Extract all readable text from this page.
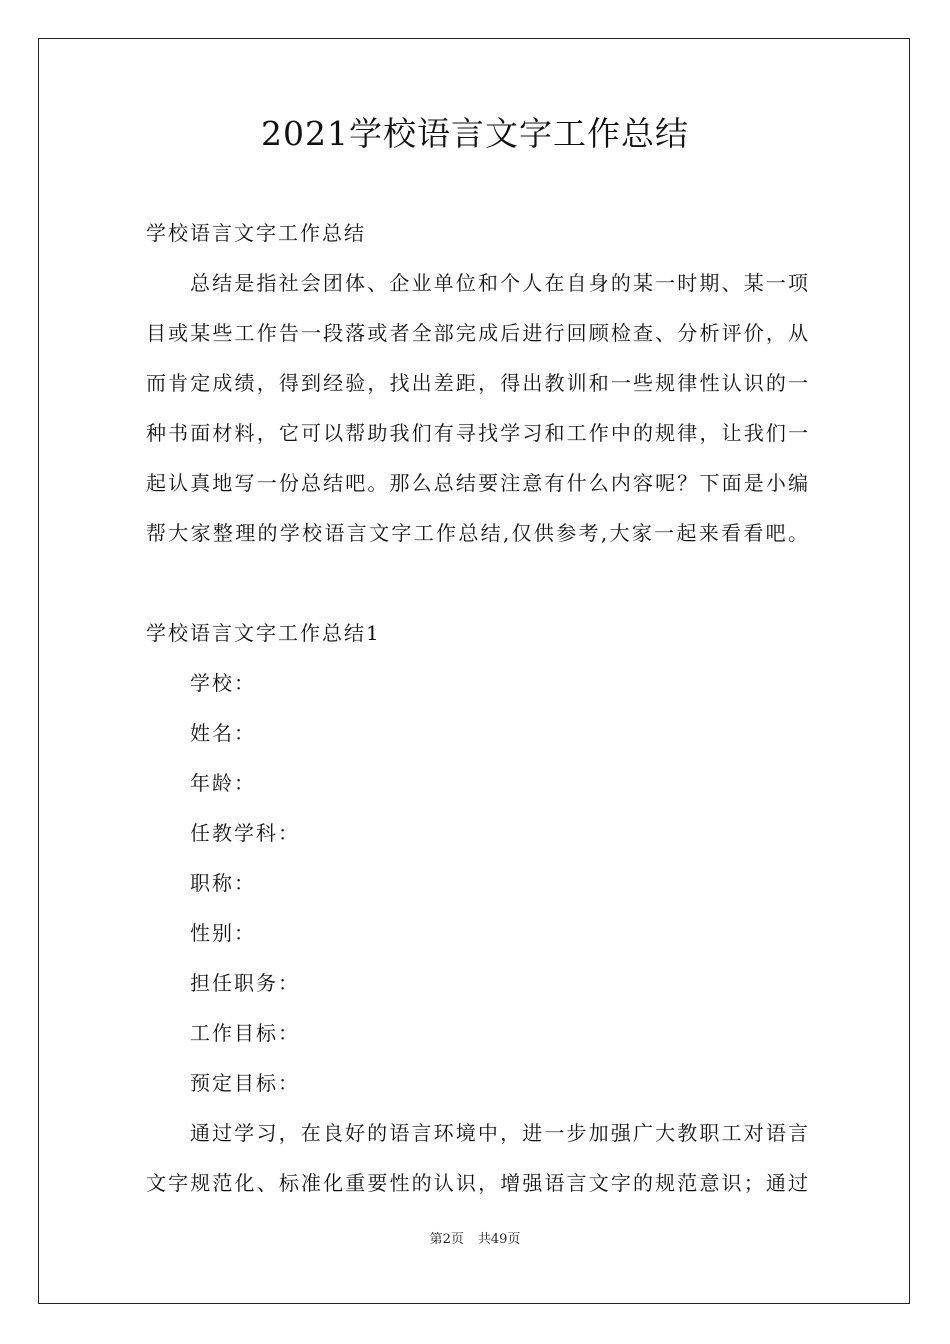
2021学校语言文字工作总结
学校语言文字工作总结
总结是指社会团体、企业单位和个人在自身的某一时期、某一项
目或某些工作告一段落或者全部完成后进行回顾检查、分析评价，从
而肯定成绩，得到经验，找出差距，得出教训和一些规律性认识的一
种书面材料，它可以帮助我们有寻找学习和工作中的规律，让我们一
起认真地写一份总结吧。那么总结要注意有什么内容呢？下面是小编
帮大家整理的学校语言文字工作总结,仅供参考,大家一起来看看吧。
学校语言文字工作总结1
学校：
姓名：
年龄：
任教学科：
职称：
性别：
担任职务：
工作目标：
预定目标：
通过学习，在良好的语言环境中，进一步加强广大教职工对语言
文字规范化、标准化重要性的认识，增强语言文字的规范意识；通过
第2页 共49页
